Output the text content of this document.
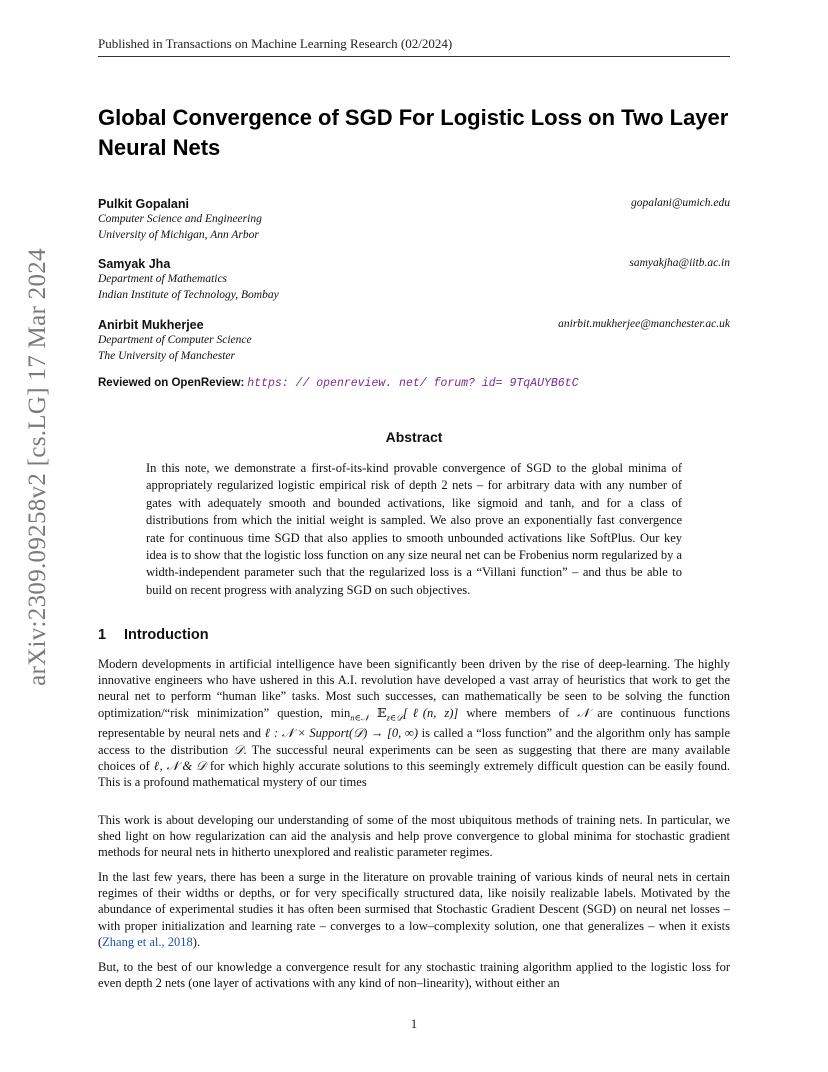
Published in Transactions on Machine Learning Research (02/2024)
arXiv:2309.09258v2 [cs.LG] 17 Mar 2024
Global Convergence of SGD For Logistic Loss on Two Layer Neural Nets
Pulkit Gopalani	gopalani@umich.edu
Computer Science and Engineering
University of Michigan, Ann Arbor
Samyak Jha	samyakjha@iitb.ac.in
Department of Mathematics
Indian Institute of Technology, Bombay
Anirbit Mukherjee	anirbit.mukherjee@manchester.ac.uk
Department of Computer Science
The University of Manchester
Reviewed on OpenReview: https: // openreview. net/ forum? id= 9TqAUYB6tC
Abstract
In this note, we demonstrate a first-of-its-kind provable convergence of SGD to the global minima of appropriately regularized logistic empirical risk of depth 2 nets – for arbitrary data with any number of gates with adequately smooth and bounded activations, like sigmoid and tanh, and for a class of distributions from which the initial weight is sampled. We also prove an exponentially fast convergence rate for continuous time SGD that also applies to smooth unbounded activations like SoftPlus. Our key idea is to show that the logistic loss function on any size neural net can be Frobenius norm regularized by a width-independent parameter such that the regularized loss is a “Villani function” – and thus be able to build on recent progress with analyzing SGD on such objectives.
1 Introduction
Modern developments in artificial intelligence have been significantly been driven by the rise of deep-learning. The highly innovative engineers who have ushered in this A.I. revolution have developed a vast array of heuristics that work to get the neural net to perform “human like” tasks. Most such successes, can mathematically be seen to be solving the function optimization/“risk minimization” question, $\min_{n\in 𝒩}$ 𝔼$_{z\in 𝒟}$[ℓ(n, z)] where members of 𝒩 are continuous functions representable by neural nets and ℓ : 𝒩 × Support(𝒟) → [0, ∞) is called a “loss function” and the algorithm only has sample access to the distribution 𝒟. The successful neural experiments can be seen as suggesting that there are many available choices of ℓ, 𝒩 & 𝒟 for which highly accurate solutions to this seemingly extremely difficult question can be easily found. This is a profound mathematical mystery of our times
This work is about developing our understanding of some of the most ubiquitous methods of training nets. In particular, we shed light on how regularization can aid the analysis and help prove convergence to global minima for stochastic gradient methods for neural nets in hitherto unexplored and realistic parameter regimes.
In the last few years, there has been a surge in the literature on provable training of various kinds of neural nets in certain regimes of their widths or depths, or for very specifically structured data, like noisily realizable labels. Motivated by the abundance of experimental studies it has often been surmised that Stochastic Gradient Descent (SGD) on neural net losses – with proper initialization and learning rate – converges to a low–complexity solution, one that generalizes – when it exists (Zhang et al., 2018).
But, to the best of our knowledge a convergence result for any stochastic training algorithm applied to the logistic loss for even depth 2 nets (one layer of activations with any kind of non–linearity), without either an
1
